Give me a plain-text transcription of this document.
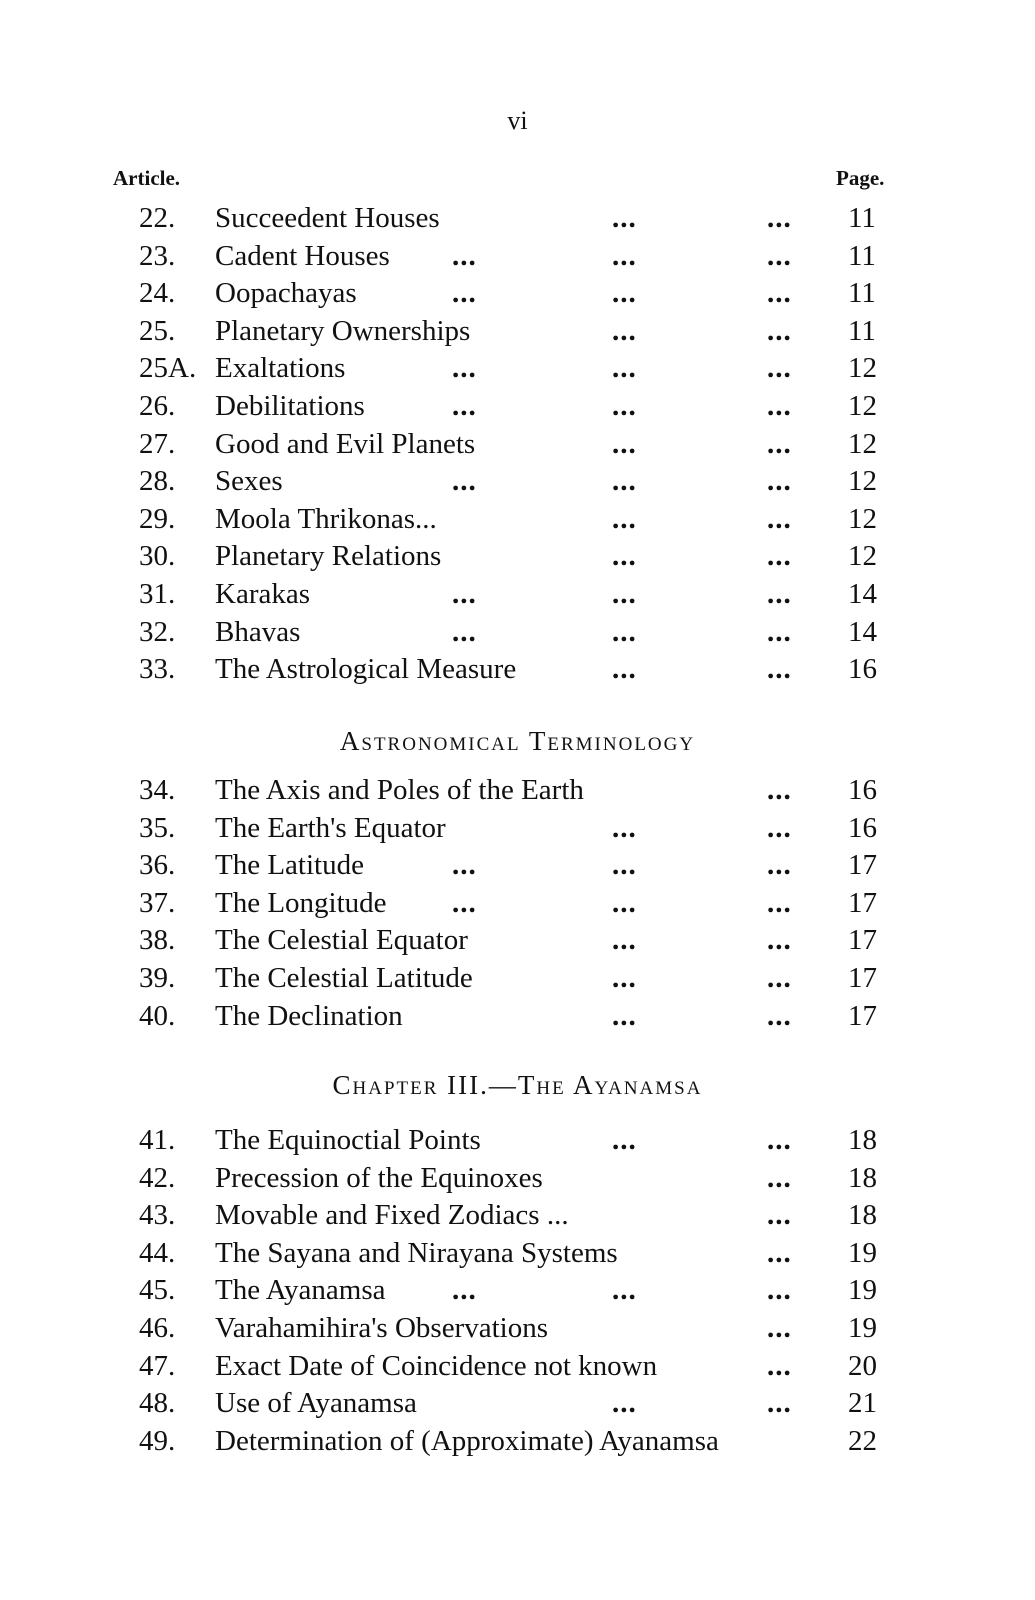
vi
Article.	Page.
22.	Succeedent Houses	...	... 11
23.	Cadent Houses ...	...	... 11
24.	Oopachayas	...	...	... 11
25.	Planetary Ownerships	...	... 11
25A. Exaltations	...	...	... 12
26.	Debilitations	...	...	... 12
27.	Good and Evil Planets	...	... 12
28.	Sexes	...	...	... 12
29.	Moola Thrikonas...	...	... 12
30.	Planetary Relations	...	... 12
31.	Karakas	...	...	... 14
32.	Bhavas	...	...	... 14
33.	The Astrological Measure	...	... 16
Astronomical Terminology
34.	The Axis and Poles of the Earth	... 16
35.	The Earth's Equator	...	... 16
36.	The Latitude	...	...	... 17
37.	The Longitude ...	...	... 17
38.	The Celestial Equator	...	... 17
39.	The Celestial Latitude	...	... 17
40.	The Declination	...	... 17
Chapter III.—The Ayanamsa
41.	The Equinoctial Points	...	... 18
42.	Precession of the Equinoxes	... 18
43.	Movable and Fixed Zodiacs ...	... 18
44.	The Sayana and Nirayana Systems	... 19
45.	The Ayanamsa ...	...	... 19
46.	Varahamihira's Observations	... 19
47.	Exact Date of Coincidence not known	... 20
48.	Use of Ayanamsa	...	... 21
49.	Determination of (Approximate) Ayanamsa	22
